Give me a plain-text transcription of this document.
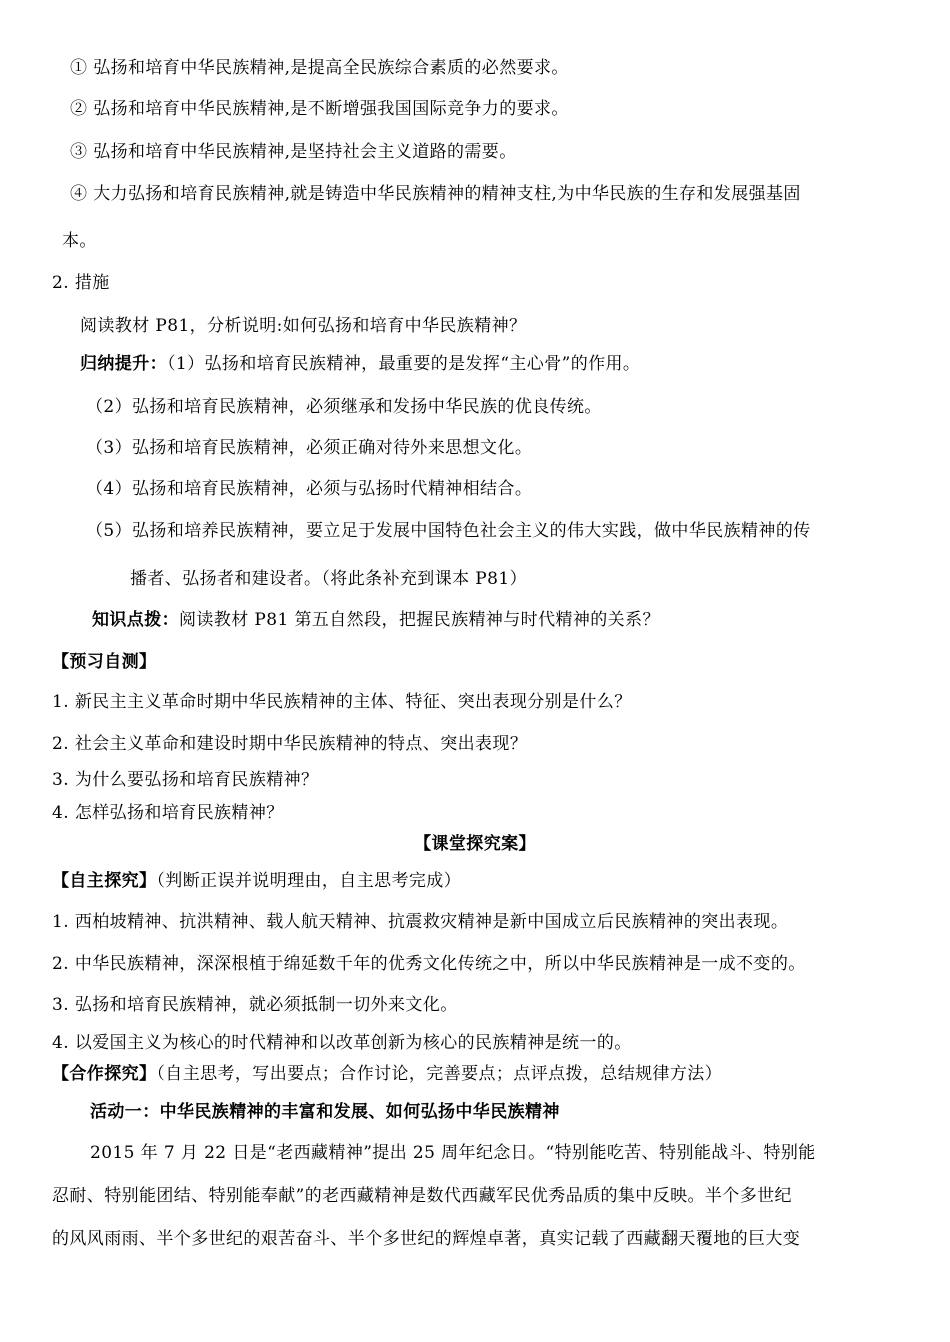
① 弘扬和培育中华民族精神,是提高全民族综合素质的必然要求。
② 弘扬和培育中华民族精神,是不断增强我国国际竞争力的要求。
③ 弘扬和培育中华民族精神,是坚持社会主义道路的需要。
④ 大力弘扬和培育民族精神,就是铸造中华民族精神的精神支柱,为中华民族的生存和发展强基固
本。
2. 措施
阅读教材 P81，分析说明:如何弘扬和培育中华民族精神？
归纳提升：（1）弘扬和培育民族精神，最重要的是发挥“主心骨”的作用。
（2）弘扬和培育民族精神，必须继承和发扬中华民族的优良传统。
（3）弘扬和培育民族精神，必须正确对待外来思想文化。
（4）弘扬和培育民族精神，必须与弘扬时代精神相结合。
（5）弘扬和培养民族精神，要立足于发展中国特色社会主义的伟大实践，做中华民族精神的传
播者、弘扬者和建设者。（将此条补充到课本 P81）
知识点拨：阅读教材 P81 第五自然段，把握民族精神与时代精神的关系？
【预习自测】
1. 新民主主义革命时期中华民族精神的主体、特征、突出表现分别是什么？
2. 社会主义革命和建设时期中华民族精神的特点、突出表现？
3. 为什么要弘扬和培育民族精神？
4. 怎样弘扬和培育民族精神？
【课堂探究案】
【自主探究】（判断正误并说明理由，自主思考完成）
1. 西柏坡精神、抗洪精神、载人航天精神、抗震救灾精神是新中国成立后民族精神的突出表现。
2. 中华民族精神，深深根植于绵延数千年的优秀文化传统之中，所以中华民族精神是一成不变的。
3. 弘扬和培育民族精神，就必须抵制一切外来文化。
4. 以爱国主义为核心的时代精神和以改革创新为核心的民族精神是统一的。
【合作探究】（自主思考，写出要点；合作讨论，完善要点；点评点拨，总结规律方法）
活动一：中华民族精神的丰富和发展、如何弘扬中华民族精神
2015 年 7 月 22 日是“老西藏精神”提出 25 周年纪念日。“特别能吃苦、特别能战斗、特别能
忍耐、特别能团结、特别能奉献”的老西藏精神是数代西藏军民优秀品质的集中反映。半个多世纪
的风风雨雨、半个多世纪的艰苦奋斗、半个多世纪的辉煌卓著，真实记载了西藏翻天覆地的巨大变
